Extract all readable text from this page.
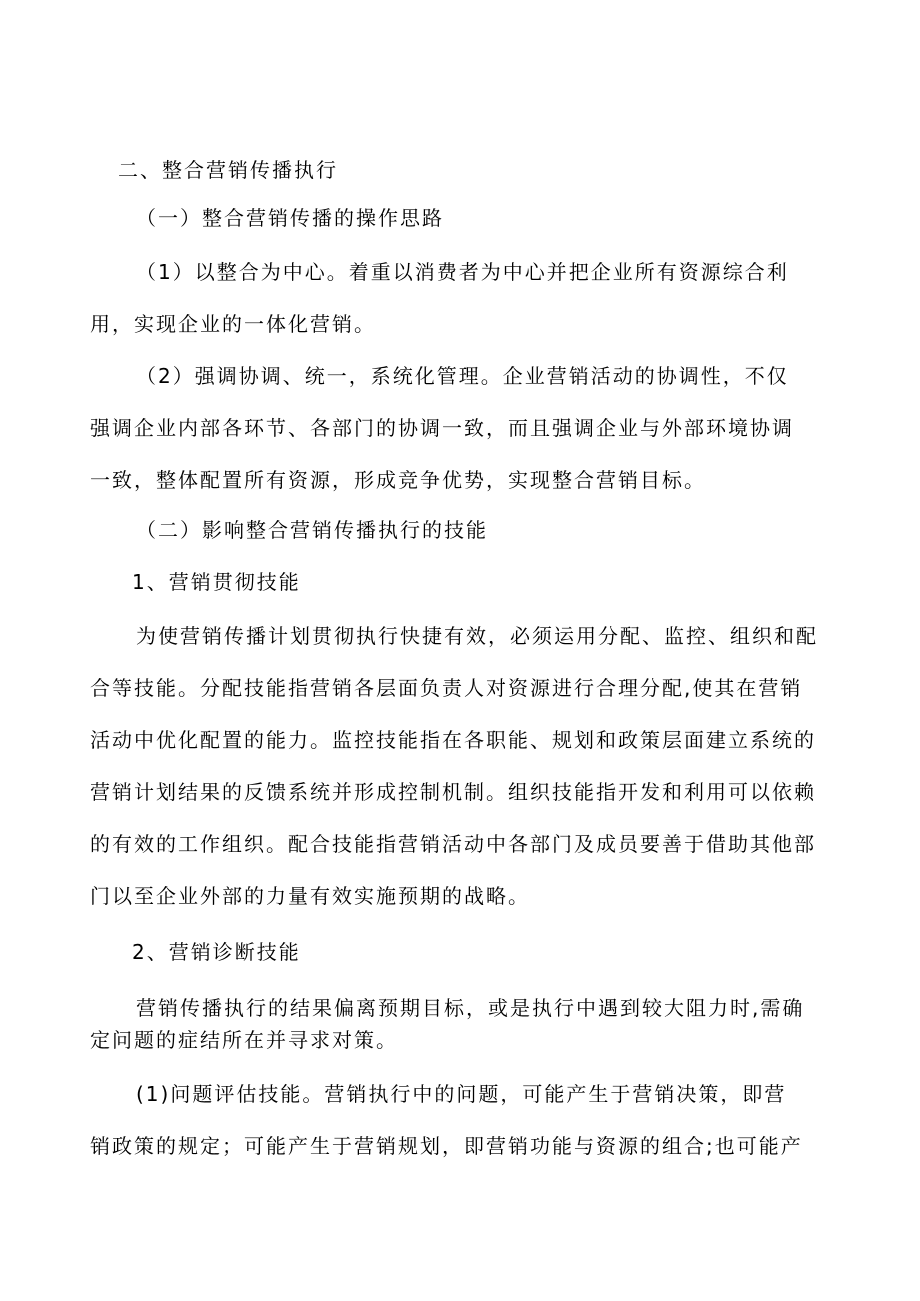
二、整合营销传播执行
（一）整合营销传播的操作思路
（1）以整合为中心。着重以消费者为中心并把企业所有资源综合利
用，实现企业的一体化营销。
（2）强调协调、统一，系统化管理。企业营销活动的协调性，不仅
强调企业内部各环节、各部门的协调一致，而且强调企业与外部环境协调
一致，整体配置所有资源，形成竞争优势，实现整合营销目标。
（二）影响整合营销传播执行的技能
1、营销贯彻技能
为使营销传播计划贯彻执行快捷有效，必须运用分配、监控、组织和配
合等技能。分配技能指营销各层面负责人对资源进行合理分配,使其在营销
活动中优化配置的能力。监控技能指在各职能、规划和政策层面建立系统的
营销计划结果的反馈系统并形成控制机制。组织技能指开发和利用可以依赖
的有效的工作组织。配合技能指营销活动中各部门及成员要善于借助其他部
门以至企业外部的力量有效实施预期的战略。
2、营销诊断技能
营销传播执行的结果偏离预期目标，或是执行中遇到较大阻力时,需确
定问题的症结所在并寻求对策。
(1)问题评估技能。营销执行中的问题，可能产生于营销决策，即营
销政策的规定；可能产生于营销规划，即营销功能与资源的组合;也可能产
